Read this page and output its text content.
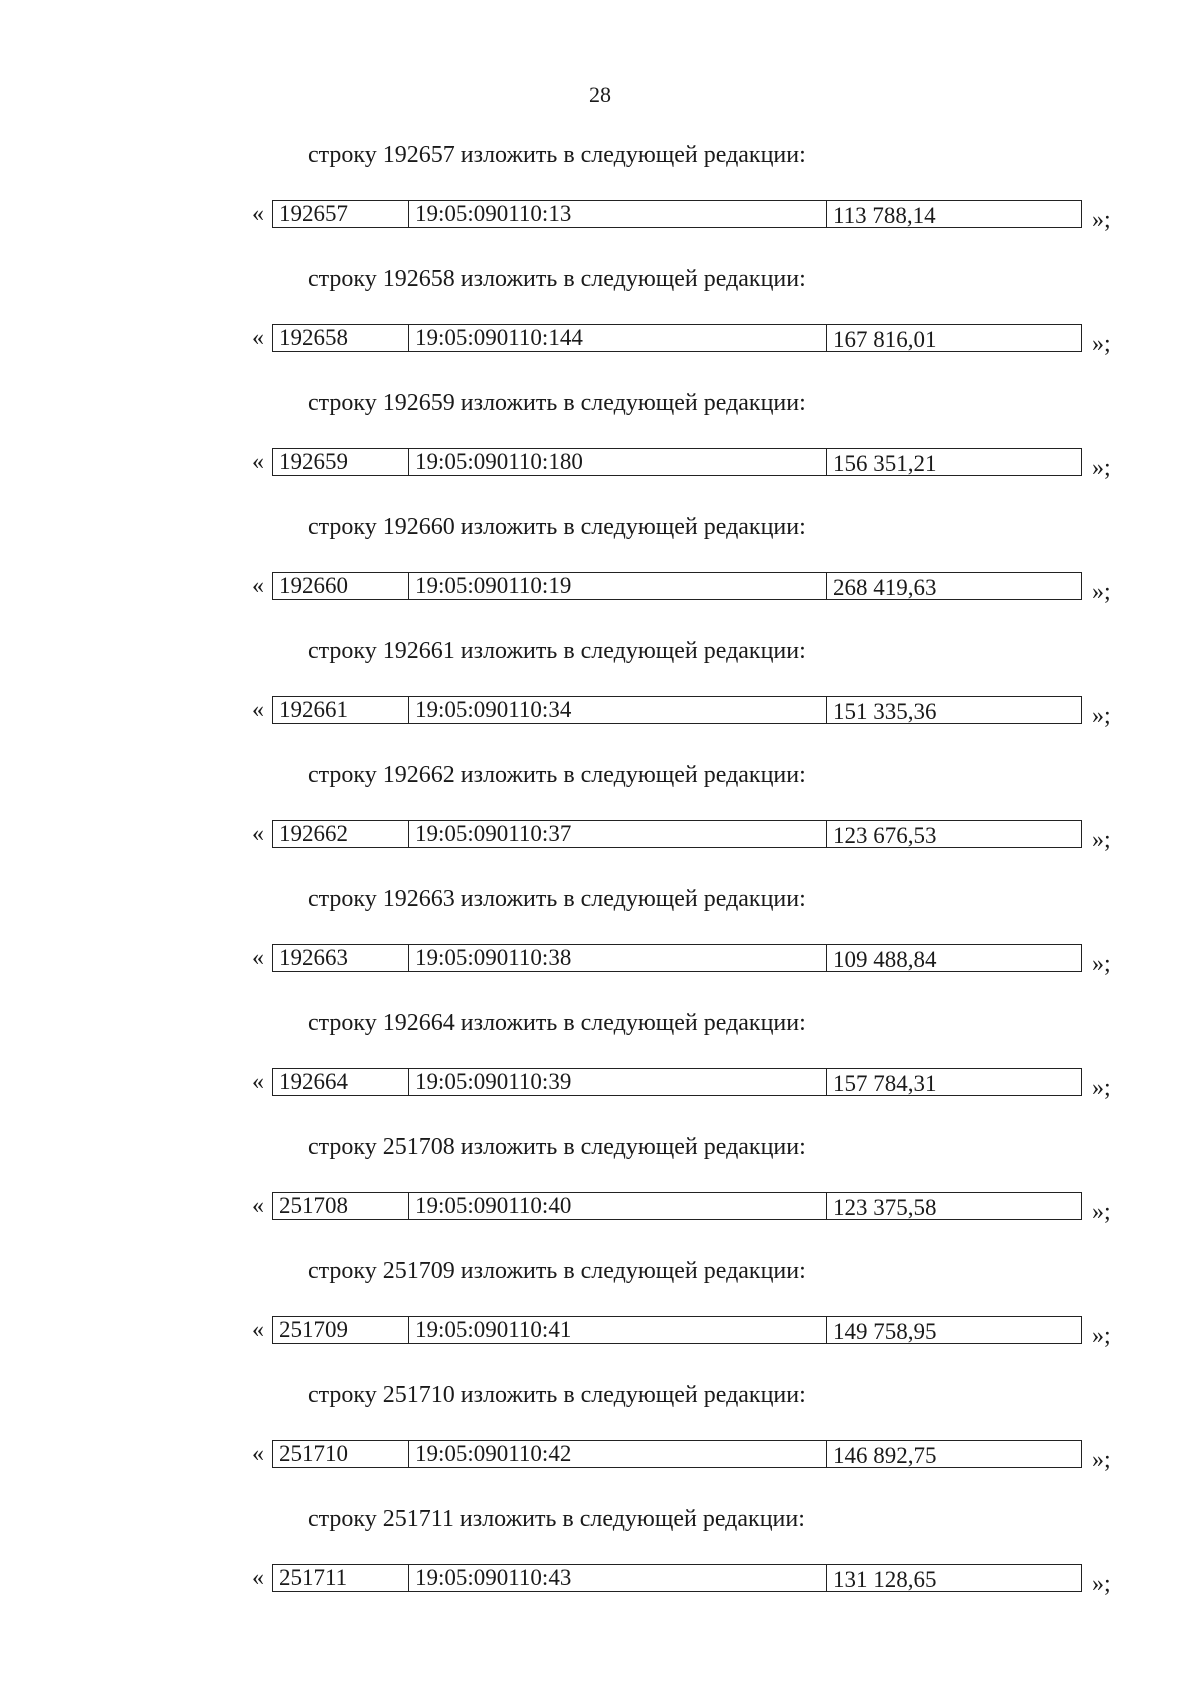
28
строку 192657 изложить в следующей редакции:
« 192657	19:05:090110:13	113 788,14	»;
строку 192658 изложить в следующей редакции:
« 192658	19:05:090110:144	167 816,01	»;
строку 192659 изложить в следующей редакции:
« 192659	19:05:090110:180	156 351,21	»;
строку 192660 изложить в следующей редакции:
« 192660	19:05:090110:19	268 419,63	»;
строку 192661 изложить в следующей редакции:
« 192661	19:05:090110:34	151 335,36	»;
строку 192662 изложить в следующей редакции:
« 192662	19:05:090110:37	123 676,53	»;
строку 192663 изложить в следующей редакции:
« 192663	19:05:090110:38	109 488,84	»;
строку 192664 изложить в следующей редакции:
« 192664	19:05:090110:39	157 784,31	»;
строку 251708 изложить в следующей редакции:
« 251708	19:05:090110:40	123 375,58	»;
строку 251709 изложить в следующей редакции:
« 251709	19:05:090110:41	149 758,95	»;
строку 251710 изложить в следующей редакции:
« 251710	19:05:090110:42	146 892,75	»;
строку 251711 изложить в следующей редакции:
« 251711	19:05:090110:43	131 128,65	»;
